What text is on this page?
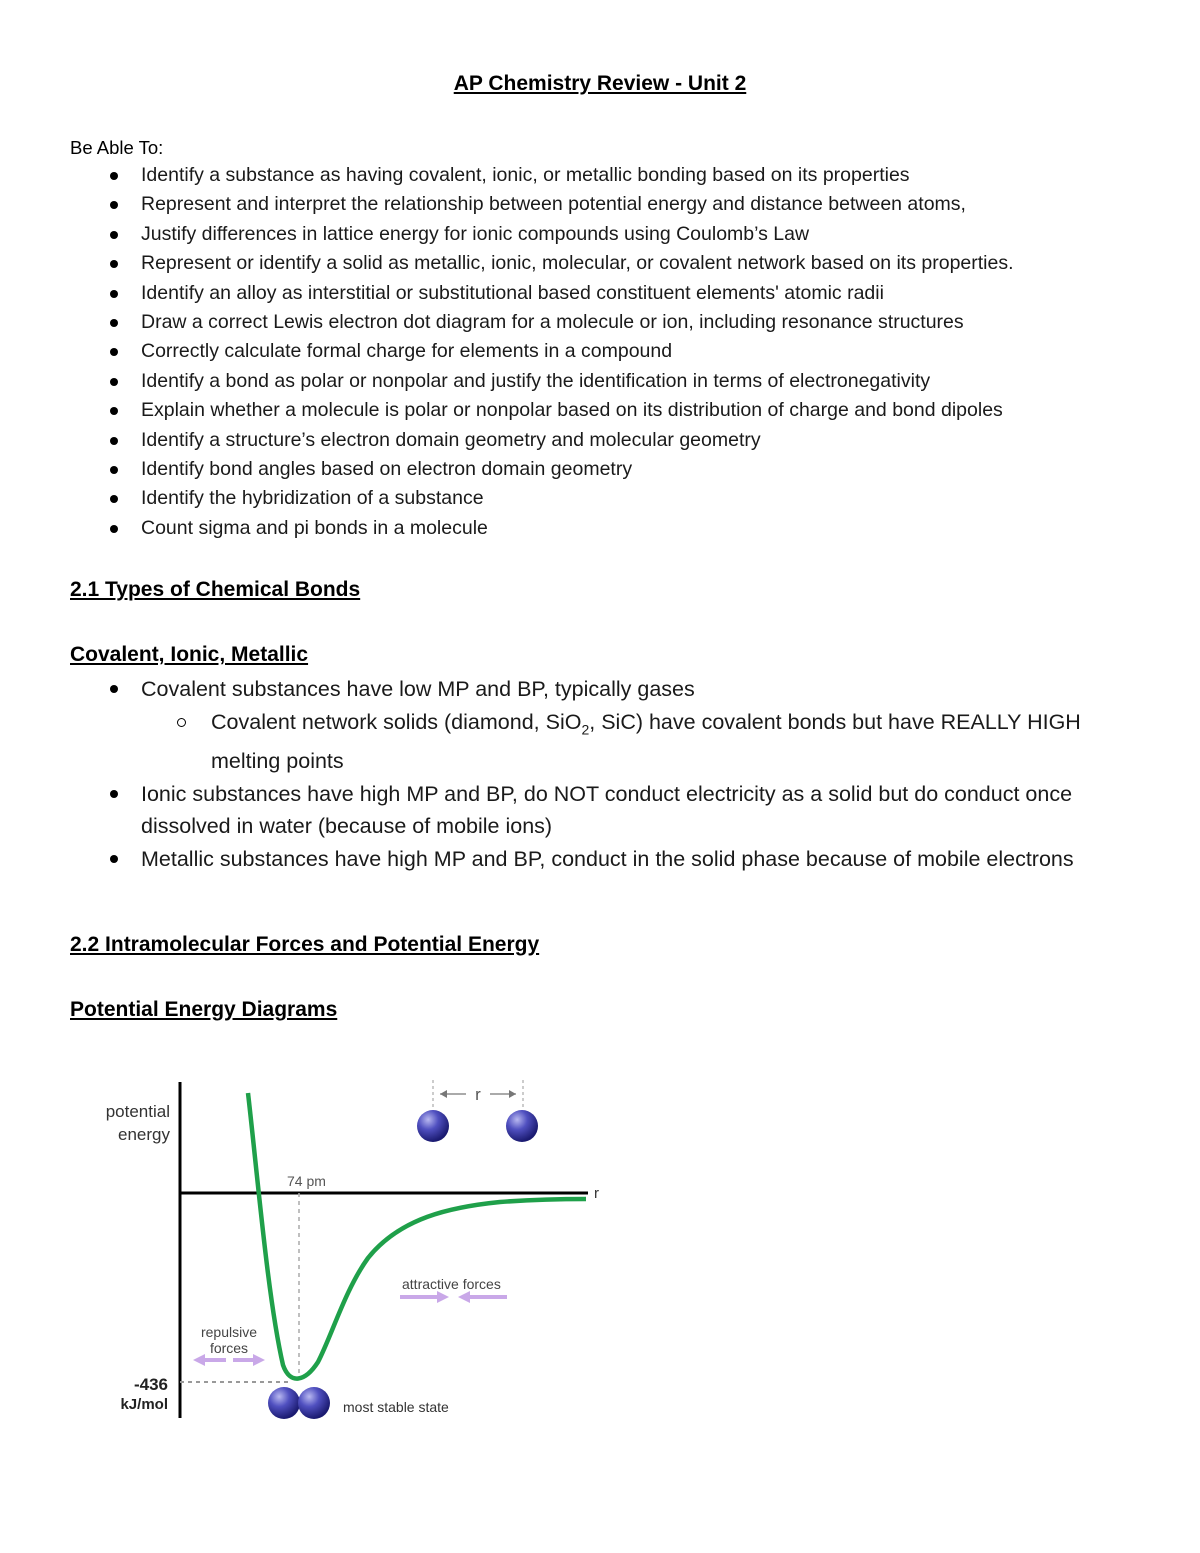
AP Chemistry Review - Unit 2
Be Able To:
Identify a substance as having covalent, ionic, or metallic bonding based on its properties
Represent and interpret the relationship between potential energy and distance between atoms,
Justify differences in lattice energy for ionic compounds using Coulomb’s Law
Represent or identify a solid as metallic, ionic, molecular, or covalent network based on its properties.
Identify an alloy as interstitial or substitutional based constituent elements' atomic radii
Draw a correct Lewis electron dot diagram for a molecule or ion, including resonance structures
Correctly calculate formal charge for elements in a compound
Identify a bond as polar or nonpolar and justify the identification in terms of electronegativity
Explain whether a molecule is polar or nonpolar based on its distribution of charge and bond dipoles
Identify a structure’s electron domain geometry and molecular geometry
Identify bond angles based on electron domain geometry
Identify the hybridization of a substance
Count sigma and pi bonds in a molecule
2.1 Types of Chemical Bonds
Covalent, Ionic, Metallic
Covalent substances have low MP and BP, typically gases
Covalent network solids (diamond, SiO$_2$, SiC) have covalent bonds but have REALLY HIGH melting points
Ionic substances have high MP and BP, do NOT conduct electricity as a solid but do conduct once dissolved in water (because of mobile ions)
Metallic substances have high MP and BP, conduct in the solid phase because of mobile electrons
2.2 Intramolecular Forces and Potential Energy
Potential Energy Diagrams
potential
energy
r
74 pm
r
attractive forces
repulsive
forces
-436
kJ/mol	most stable state
